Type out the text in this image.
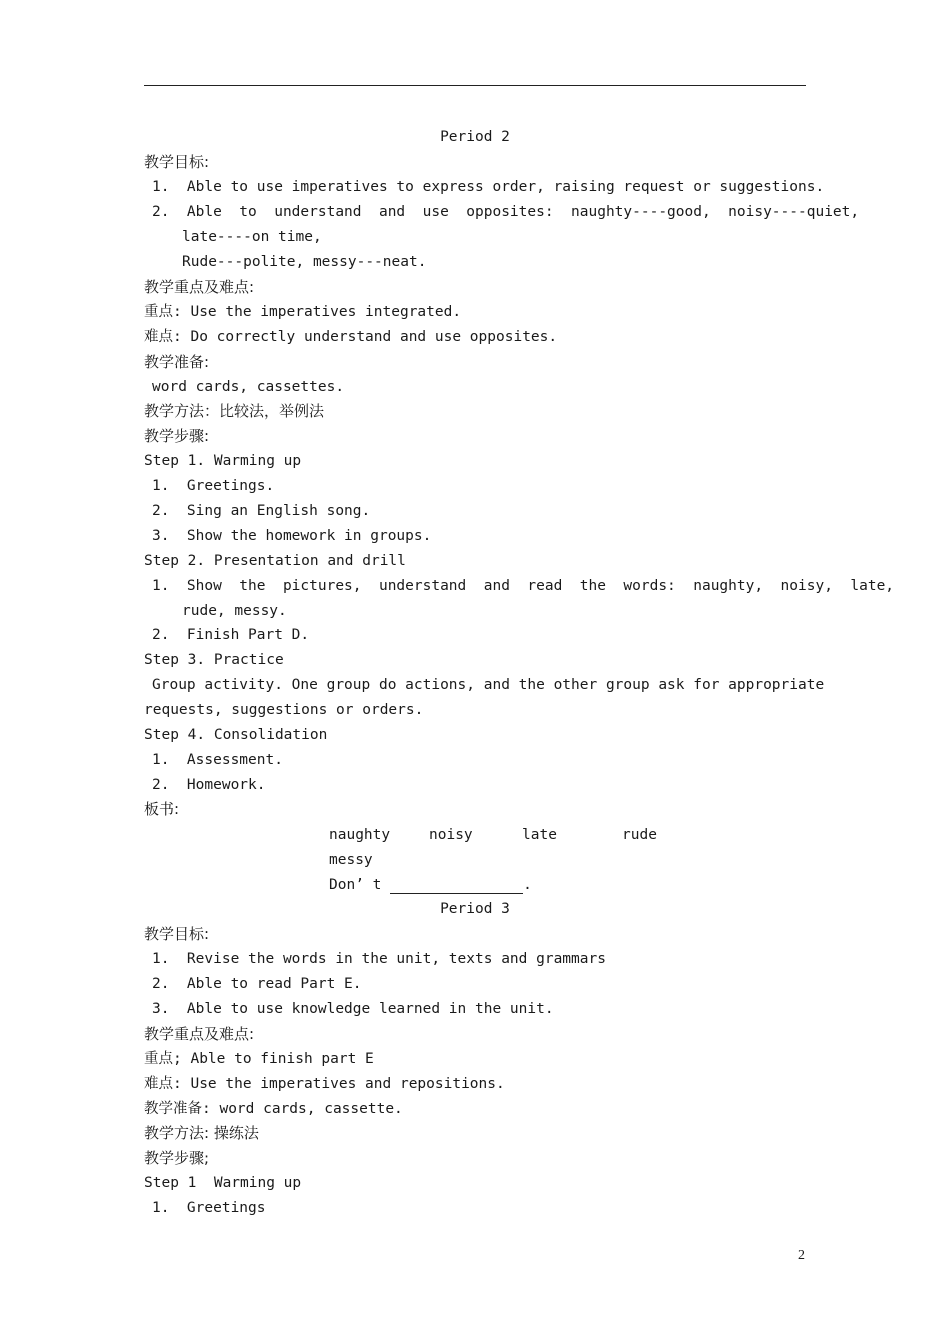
Period 2
教学目标:
1.  Able to use imperatives to express order, raising request or suggestions.
2.  Able  to  understand  and  use  opposites:  naughty----good,  noisy----quiet,
late----on time,
Rude---polite, messy---neat.
教学重点及难点:
重点: Use the imperatives integrated.
难点: Do correctly understand and use opposites.
教学准备:
word cards, cassettes.
教学方法：比较法，举例法
教学步骤:
Step 1. Warming up
1.  Greetings.
2.  Sing an English song.
3.  Show the homework in groups.
Step 2. Presentation and drill
1.  Show  the  pictures,  understand  and  read  the  words:  naughty,  noisy,  late,
rude, messy.
2.  Finish Part D.
Step 3. Practice
Group activity. One group do actions, and the other group ask for appropriate
requests, suggestions or orders.
Step 4. Consolidation
1.  Assessment.
2.  Homework.
板书:
naughty	noisy	late	rude
messy
Don’ t	.
Period 3
教学目标:
1.  Revise the words in the unit, texts and grammars
2.  Able to read Part E.
3.  Able to use knowledge learned in the unit.
教学重点及难点:
重点; Able to finish part E
难点: Use the imperatives and repositions.
教学准备: word cards, cassette.
教学方法: 操练法
教学步骤;
Step 1  Warming up
1.  Greetings
2
